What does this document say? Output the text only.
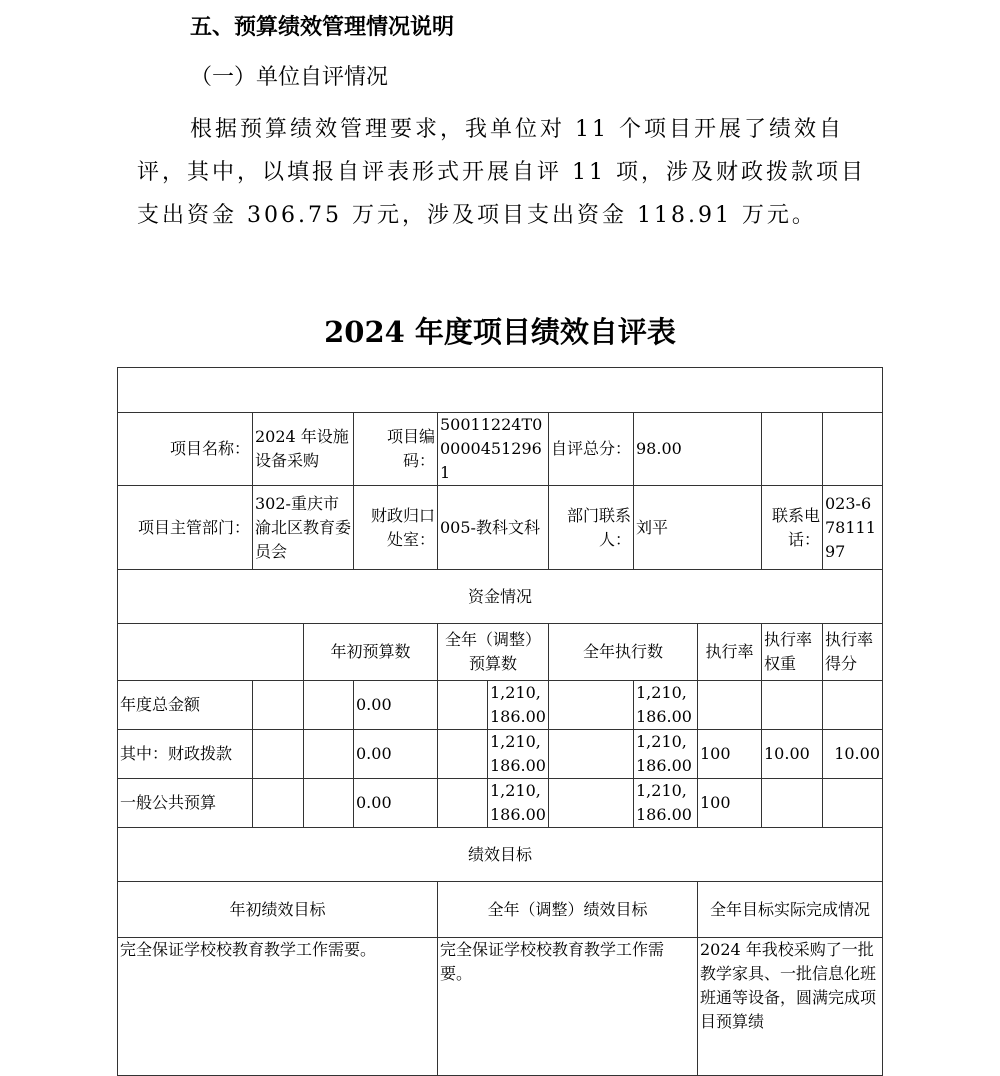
五、预算绩效管理情况说明
（一）单位自评情况
根据预算绩效管理要求，我单位对 11 个项目开展了绩效自评，其中，以填报自评表形式开展自评 11 项，涉及财政拨款项目支出资金 306.75 万元，涉及项目支出资金 118.91 万元。
2024 年度项目绩效自评表

项目名称：	2024 年设施设备采购		项目编码：	50011224T000004512961		自评总分：	98.00			
项目主管部门：	302-重庆市渝北区教育委员会		财政归口处室：	005-教科文科		部门联系人：	刘平		联系电话：	023-67811197
资金情况										
		年初预算数		全年（调整）预算数		全年执行数		执行率	执行率权重	执行率得分
年度总金额			0.00		1,210,186.00		1,210,186.00			
其中：财政拨款			0.00		1,210,186.00		1,210,186.00	100	10.00	10.00
一般公共预算			0.00		1,210,186.00		1,210,186.00	100		
绩效目标										
年初绩效目标				全年（调整）绩效目标				全年目标实际完成情况		
完全保证学校校教育教学工作需要。				完全保证学校校教育教学工作需要。				2024 年我校采购了一批教学家具、一批信息化班班通等设备，圆满完成项目预算绩		
